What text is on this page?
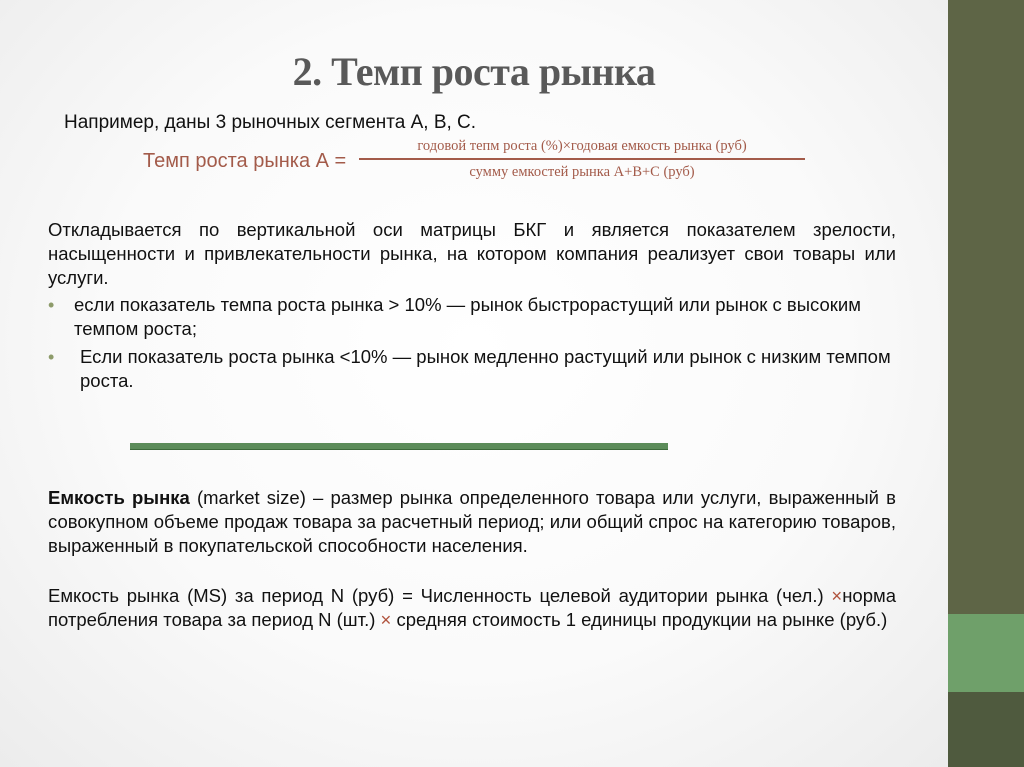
2. Темп роста рынка
Например, даны 3 рыночных сегмента А, В, С.
Темп роста рынка А =
годовой тепм роста (%)×годовая емкость рынка (руб)
сумму емкостей рынка А+В+С (руб)
Откладывается по вертикальной оси матрицы БКГ и является показателем зрелости, насыщенности и привлекательности рынка, на котором компания реализует свои товары или услуги.
• если показатель темпа роста рынка > 10% — рынок быстрорастущий или рынок с высоким темпом роста;
• Если показатель роста рынка <10% — рынок медленно растущий или рынок с низким темпом роста.
Емкость рынка (market size) – размер рынка определенного товара или услуги, выраженный в совокупном объеме продаж товара за расчетный период; или общий спрос на категорию товаров, выраженный в покупательской способности населения.
Емкость рынка (MS) за период N (руб) = Численность целевой аудитории рынка (чел.) ×норма потребления товара за период N (шт.) × средняя стоимость 1 единицы продукции на рынке (руб.)
